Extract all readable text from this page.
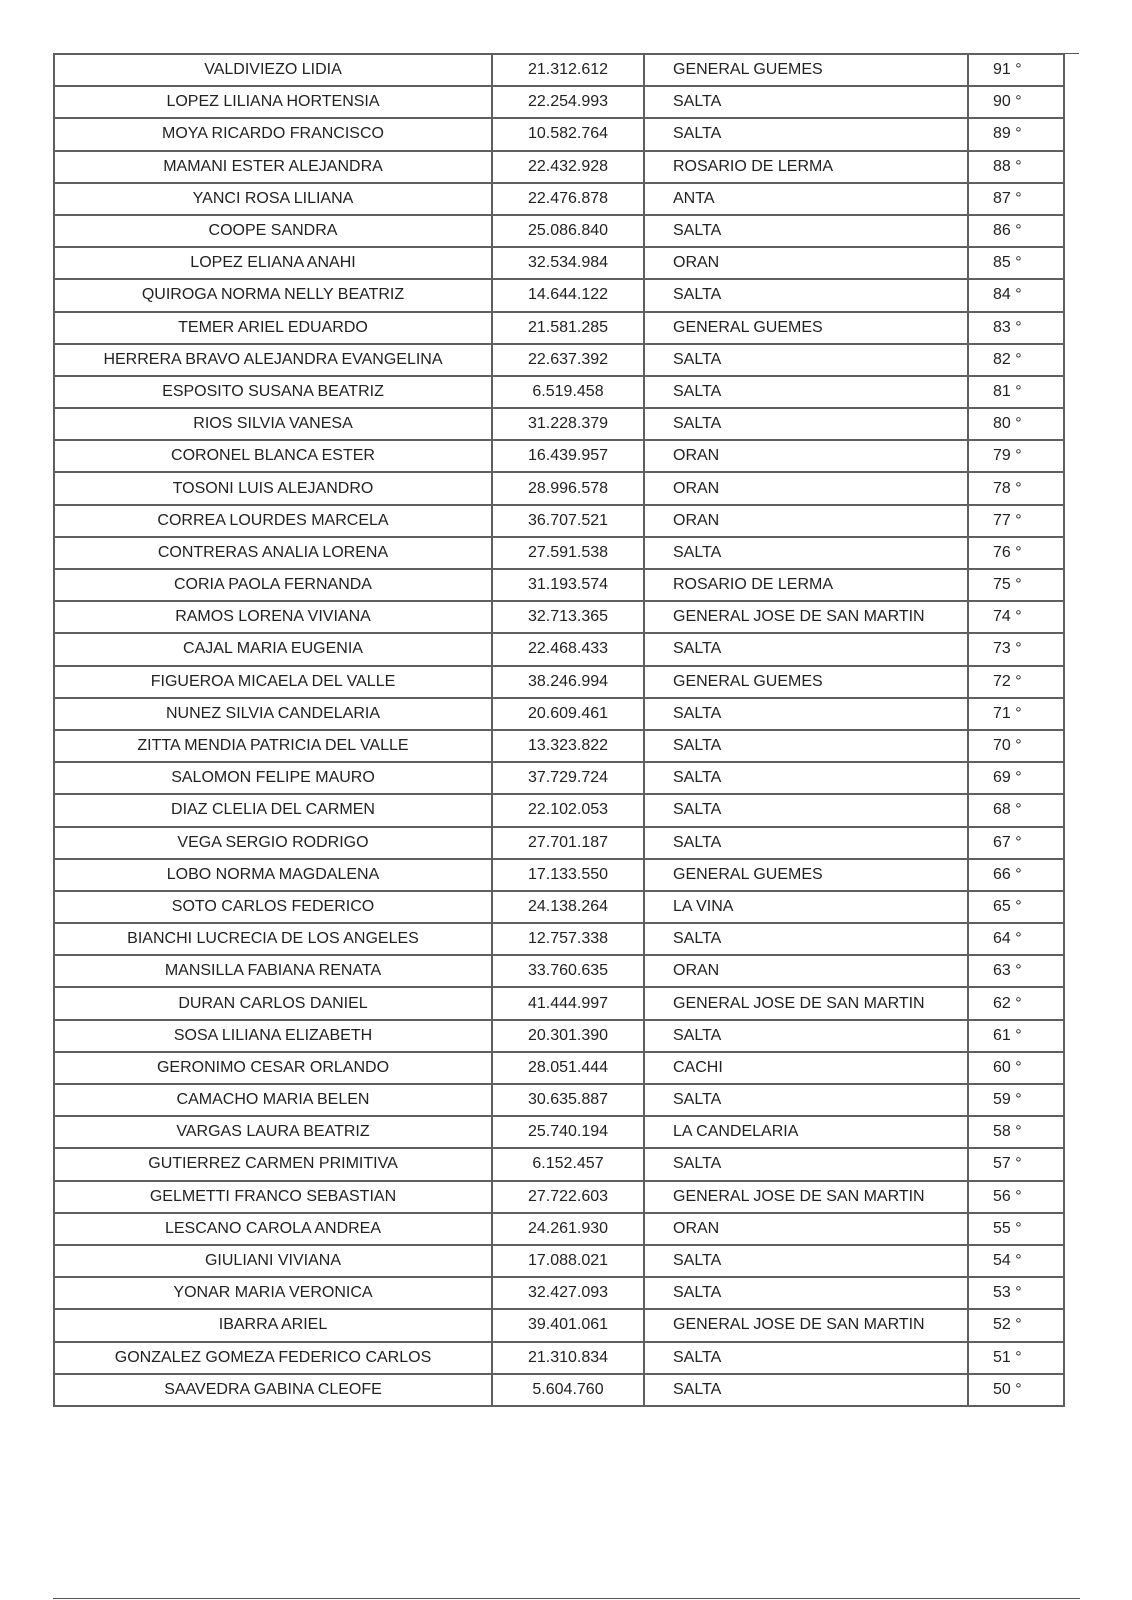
VALDIVIEZO LIDIA	21.312.612	GENERAL GUEMES	91 °
LOPEZ LILIANA HORTENSIA	22.254.993	SALTA	90 °
MOYA RICARDO FRANCISCO	10.582.764	SALTA	89 °
MAMANI ESTER ALEJANDRA	22.432.928	ROSARIO DE LERMA	88 °
YANCI ROSA LILIANA	22.476.878	ANTA	87 °
COOPE SANDRA	25.086.840	SALTA	86 °
LOPEZ ELIANA ANAHI	32.534.984	ORAN	85 °
QUIROGA NORMA NELLY BEATRIZ	14.644.122	SALTA	84 °
TEMER ARIEL EDUARDO	21.581.285	GENERAL GUEMES	83 °
HERRERA BRAVO ALEJANDRA EVANGELINA	22.637.392	SALTA	82 °
ESPOSITO SUSANA BEATRIZ	6.519.458	SALTA	81 °
RIOS SILVIA VANESA	31.228.379	SALTA	80 °
CORONEL BLANCA ESTER	16.439.957	ORAN	79 °
TOSONI LUIS ALEJANDRO	28.996.578	ORAN	78 °
CORREA LOURDES MARCELA	36.707.521	ORAN	77 °
CONTRERAS ANALIA LORENA	27.591.538	SALTA	76 °
CORIA PAOLA FERNANDA	31.193.574	ROSARIO DE LERMA	75 °
RAMOS LORENA VIVIANA	32.713.365	GENERAL JOSE DE SAN MARTIN	74 °
CAJAL MARIA EUGENIA	22.468.433	SALTA	73 °
FIGUEROA MICAELA DEL VALLE	38.246.994	GENERAL GUEMES	72 °
NUNEZ SILVIA CANDELARIA	20.609.461	SALTA	71 °
ZITTA MENDIA PATRICIA DEL VALLE	13.323.822	SALTA	70 °
SALOMON FELIPE MAURO	37.729.724	SALTA	69 °
DIAZ CLELIA DEL CARMEN	22.102.053	SALTA	68 °
VEGA SERGIO RODRIGO	27.701.187	SALTA	67 °
LOBO NORMA MAGDALENA	17.133.550	GENERAL GUEMES	66 °
SOTO CARLOS FEDERICO	24.138.264	LA VINA	65 °
BIANCHI LUCRECIA DE LOS ANGELES	12.757.338	SALTA	64 °
MANSILLA FABIANA RENATA	33.760.635	ORAN	63 °
DURAN CARLOS DANIEL	41.444.997	GENERAL JOSE DE SAN MARTIN	62 °
SOSA LILIANA ELIZABETH	20.301.390	SALTA	61 °
GERONIMO CESAR ORLANDO	28.051.444	CACHI	60 °
CAMACHO MARIA BELEN	30.635.887	SALTA	59 °
VARGAS LAURA BEATRIZ	25.740.194	LA CANDELARIA	58 °
GUTIERREZ CARMEN PRIMITIVA	6.152.457	SALTA	57 °
GELMETTI FRANCO SEBASTIAN	27.722.603	GENERAL JOSE DE SAN MARTIN	56 °
LESCANO CAROLA ANDREA	24.261.930	ORAN	55 °
GIULIANI VIVIANA	17.088.021	SALTA	54 °
YONAR MARIA VERONICA	32.427.093	SALTA	53 °
IBARRA ARIEL	39.401.061	GENERAL JOSE DE SAN MARTIN	52 °
GONZALEZ GOMEZA FEDERICO CARLOS	21.310.834	SALTA	51 °
SAAVEDRA GABINA CLEOFE	5.604.760	SALTA	50 °
